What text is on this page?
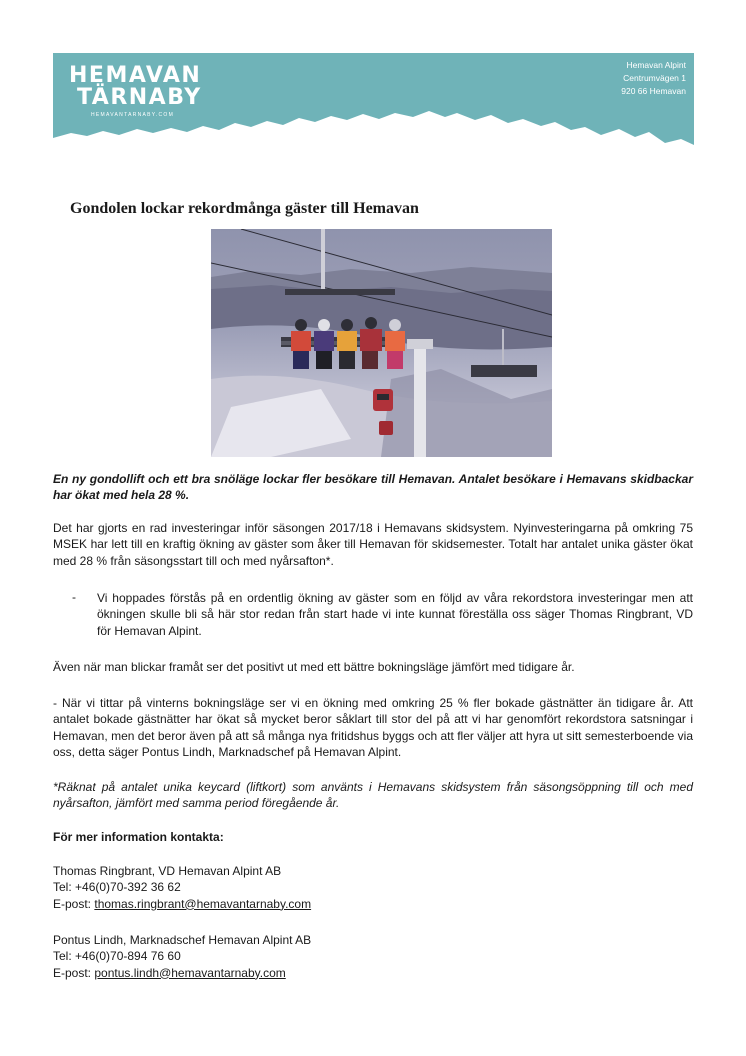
HEMAVAN
TÄRNABY
HEMAVANTARNABY.COM
Hemavan Alpint
Centrumvägen 1
920 66 Hemavan
Gondolen lockar rekordmånga gäster till Hemavan

En ny gondollift och ett bra snöläge lockar fler besökare till Hemavan. Antalet besökare i Hemavans skidbackar har ökat med hela 28 %.

Det har gjorts en rad investeringar inför säsongen 2017/18 i Hemavans skidsystem. Nyinvesteringarna på omkring 75 MSEK har lett till en kraftig ökning av gäster som åker till Hemavan för skidsemester. Totalt har antalet unika gäster ökat med 28 % från säsongsstart till och med nyårsafton*.

- Vi hoppades förstås på en ordentlig ökning av gäster som en följd av våra rekordstora investeringar men att ökningen skulle bli så här stor redan från start hade vi inte kunnat föreställa oss säger Thomas Ringbrant, VD för Hemavan Alpint.

Även när man blickar framåt ser det positivt ut med ett bättre bokningsläge jämfört med tidigare år.

- När vi tittar på vinterns bokningsläge ser vi en ökning med omkring 25 % fler bokade gästnätter än tidigare år. Att antalet bokade gästnätter har ökat så mycket beror såklart till stor del på att vi har genomfört rekordstora satsningar i Hemavan, men det beror även på att så många nya fritidshus byggs och att fler väljer att hyra ut sitt semesterboende via oss, detta säger Pontus Lindh, Marknadschef på Hemavan Alpint.

*Räknat på antalet unika keycard (liftkort) som använts i Hemavans skidsystem från säsongsöppning till och med nyårsafton, jämfört med samma period föregående år.

För mer information kontakta:

Thomas Ringbrant, VD Hemavan Alpint AB
Tel: +46(0)70-392 36 62
E-post: thomas.ringbrant@hemavantarnaby.com
Pontus Lindh, Marknadschef Hemavan Alpint AB
Tel: +46(0)70-894 76 60
E-post: pontus.lindh@hemavantarnaby.com
